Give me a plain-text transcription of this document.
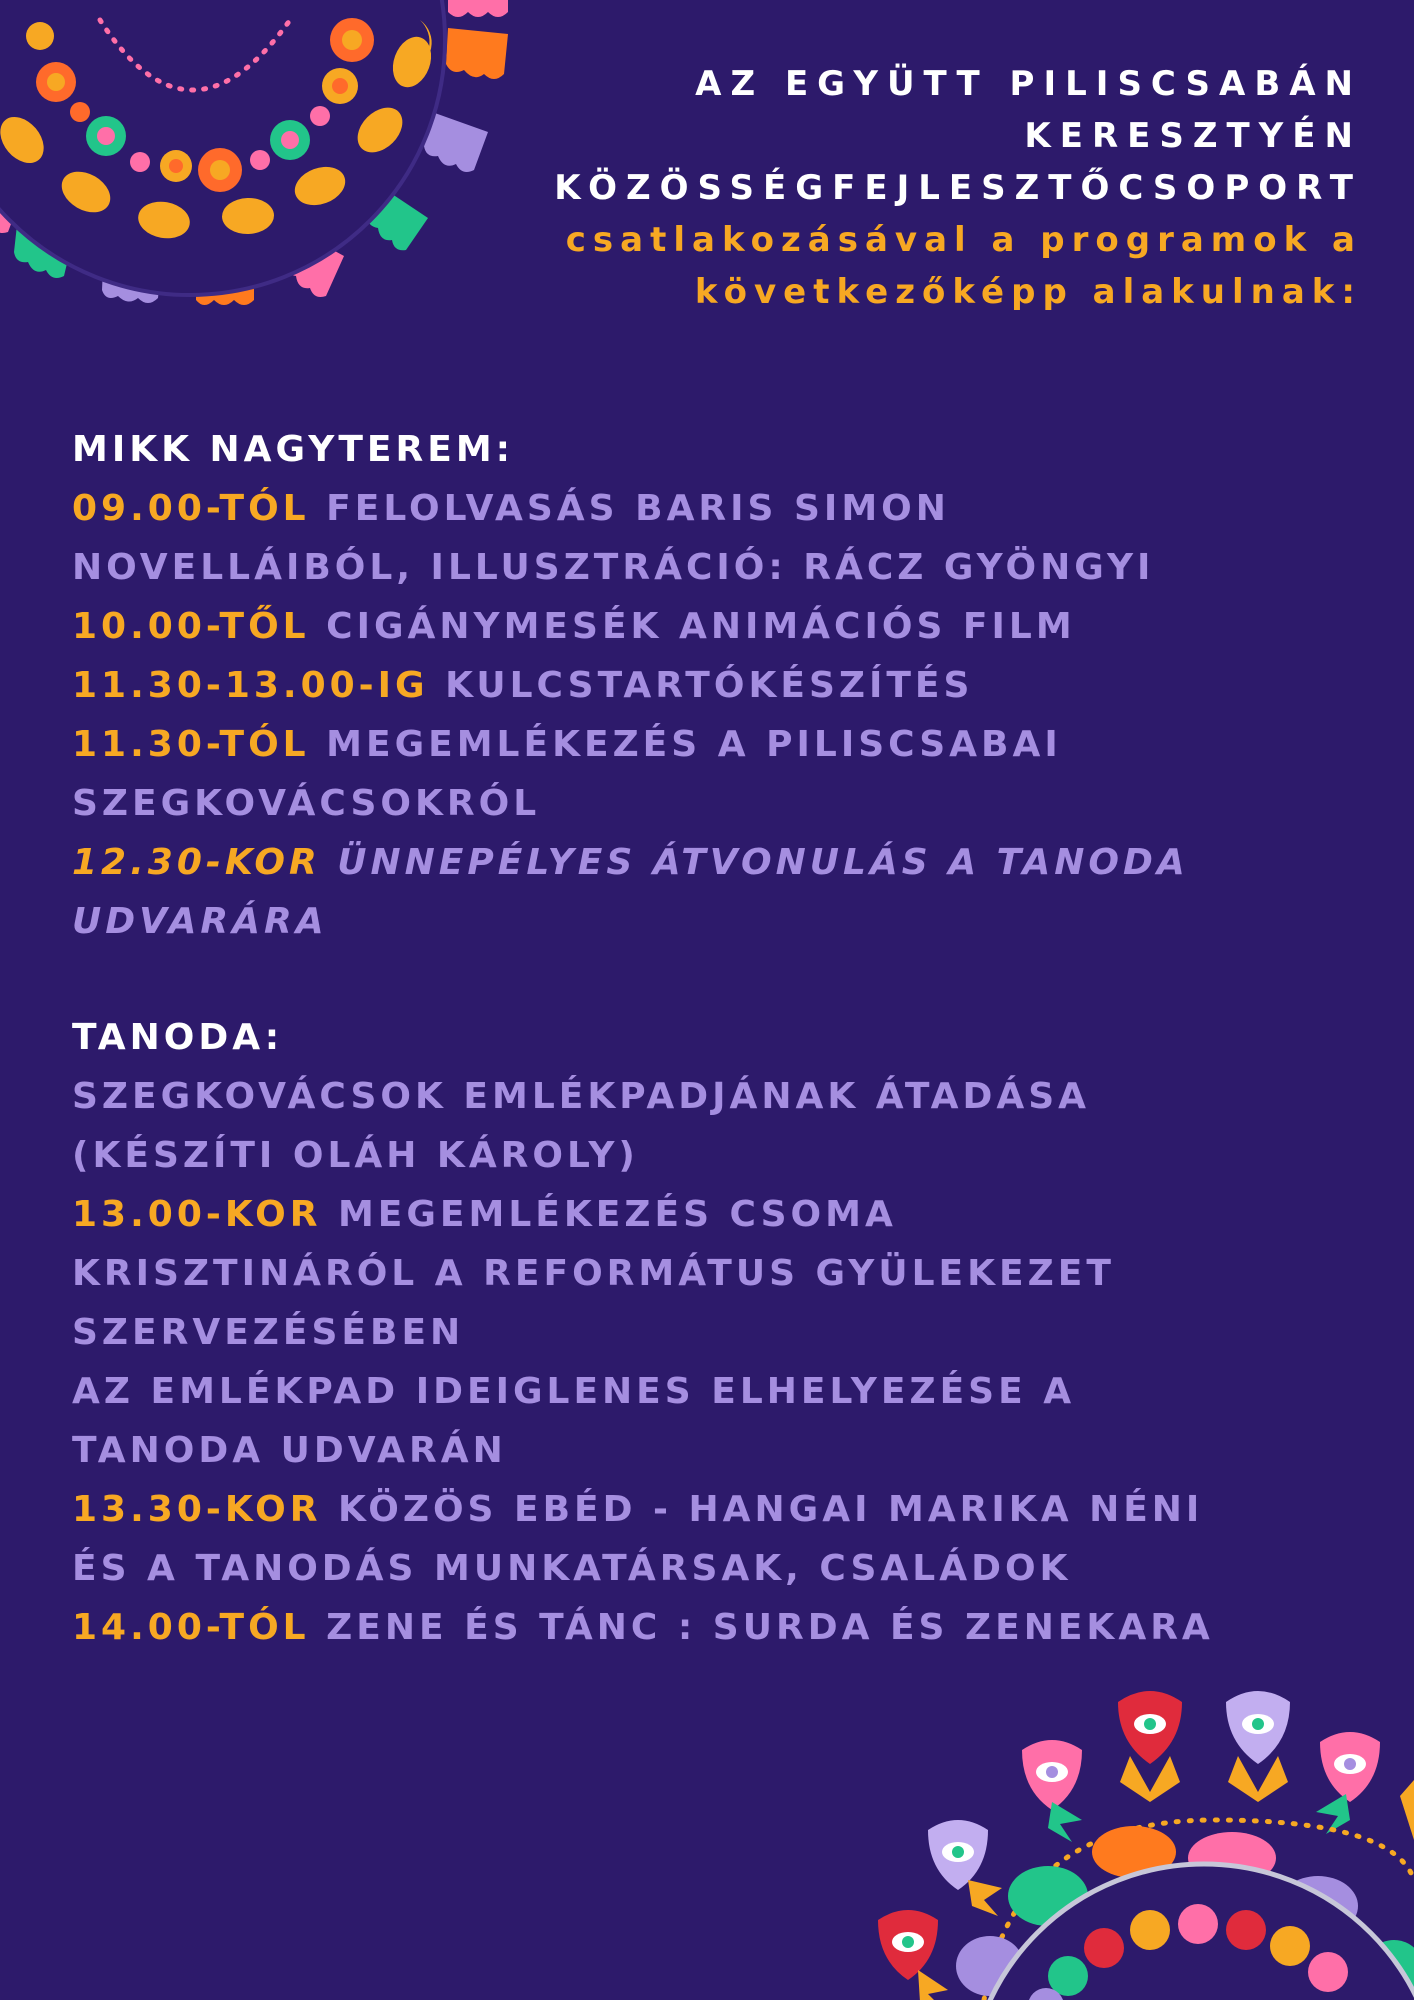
AZ EGYÜTT PILISCSABÁN
KERESZTYÉN
KÖZÖSSÉGFEJLESZTŐCSOPORT
csatlakozásával a programok a
következőképp alakulnak:

MIKK NAGYTEREM:

09.00-TÓL FELOLVASÁS BARIS SIMON

NOVELLÁIBÓL, ILLUSZTRÁCIÓ: RÁCZ GYÖNGYI

10.00-TŐL CIGÁNYMESÉK ANIMÁCIÓS FILM

11.30-13.00-IG KULCSTARTÓKÉSZÍTÉS

11.30-TÓL MEGEMLÉKEZÉS A PILISCSABAI

SZEGKOVÁCSOKRÓL

12.30-KOR ÜNNEPÉLYES ÁTVONULÁS A TANODA

UDVARÁRA

TANODA:

SZEGKOVÁCSOK EMLÉKPADJÁNAK ÁTADÁSA

(KÉSZÍTI OLÁH KÁROLY)

13.00-KOR MEGEMLÉKEZÉS CSOMA

KRISZTINÁRÓL A REFORMÁTUS GYÜLEKEZET

SZERVEZÉSÉBEN

AZ EMLÉKPAD IDEIGLENES ELHELYEZÉSE A

TANODA UDVARÁN

13.30-KOR KÖZÖS EBÉD - HANGAI MARIKA NÉNI

ÉS A TANODÁS MUNKATÁRSAK, CSALÁDOK

14.00-TÓL ZENE ÉS TÁNC : SURDA ÉS ZENEKARA
